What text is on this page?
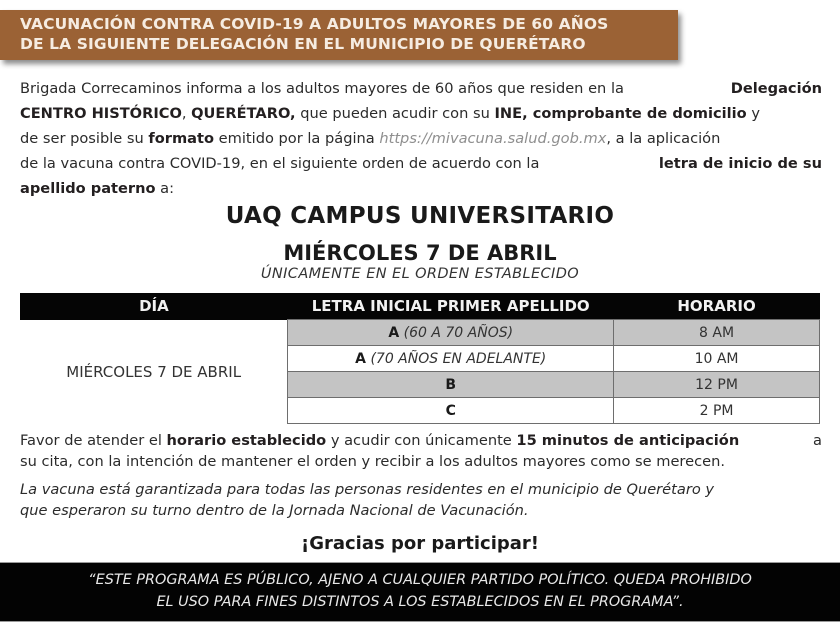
VACUNACIÓN CONTRA COVID-19 A ADULTOS MAYORES DE 60 AÑOS
DE LA SIGUIENTE DELEGACIÓN EN EL MUNICIPIO DE QUERÉTARO
Brigada Correcaminos informa a los adultos mayores de 60 años que residen en la	Delegación
CENTRO HISTÓRICO, QUERÉTARO, que pueden acudir con su INE, comprobante de domicilio y
de ser posible su formato emitido por la página https://mivacuna.salud.gob.mx, a la aplicación
de la vacuna contra COVID-19, en el siguiente orden de acuerdo con la	letra de inicio de su
apellido paterno a:
UAQ CAMPUS UNIVERSITARIO
MIÉRCOLES 7 DE ABRIL
ÚNICAMENTE EN EL ORDEN ESTABLECIDO
DÍA	LETRA INICIAL PRIMER APELLIDO	HORARIO
MIÉRCOLES 7 DE ABRIL	A (60 A 70 AÑOS)	8 AM
	A (70 AÑOS EN ADELANTE)	10 AM
	B	12 PM
	C	2 PM
Favor de atender el horario establecido y acudir con únicamente 15 minutos de anticipación	a
su cita, con la intención de mantener el orden y recibir a los adultos mayores como se merecen.
La vacuna está garantizada para todas las personas residentes en el municipio de Querétaro y
que esperaron su turno dentro de la Jornada Nacional de Vacunación.
¡Gracias por participar!
“ESTE PROGRAMA ES PÚBLICO, AJENO A CUALQUIER PARTIDO POLÍTICO. QUEDA PROHIBIDO
EL USO PARA FINES DISTINTOS A LOS ESTABLECIDOS EN EL PROGRAMA”.
